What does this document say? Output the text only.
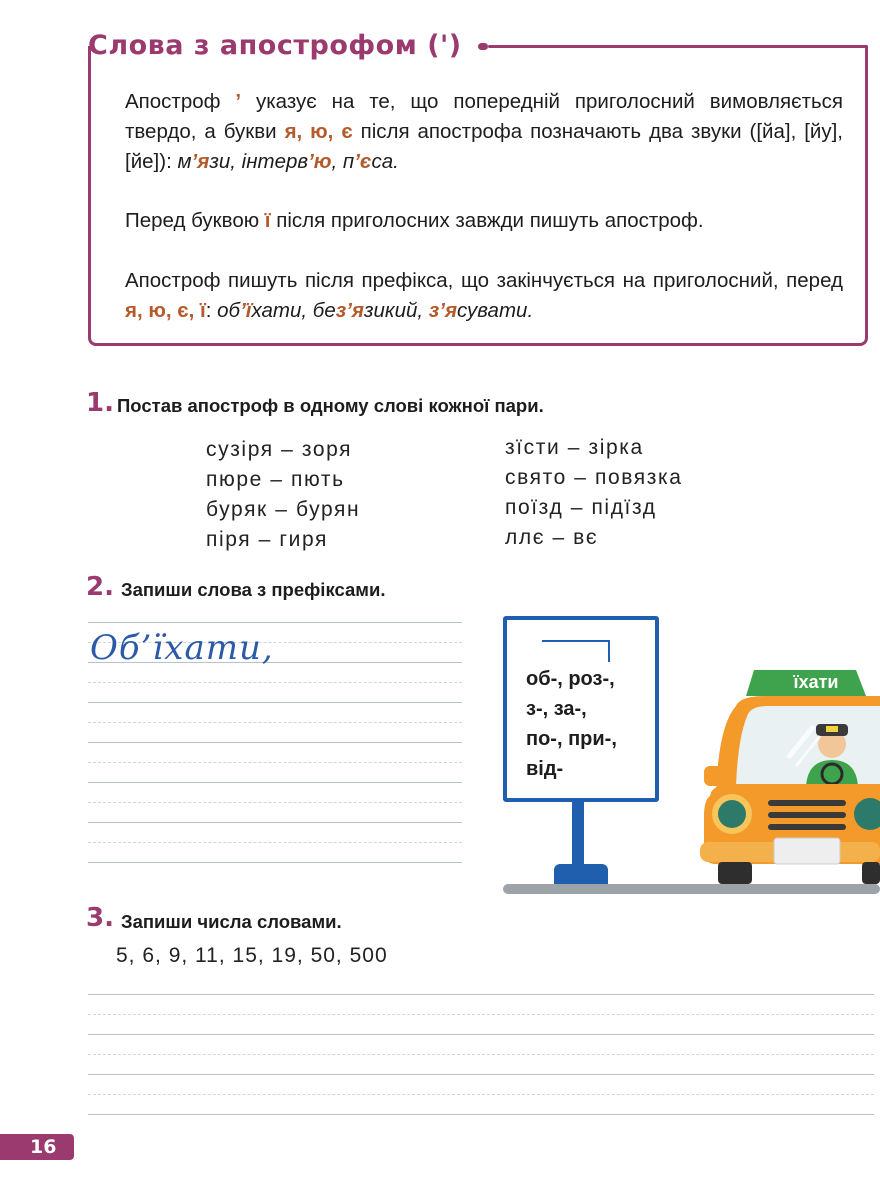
Слова з апострофом (')
Апостроф ’ указує на те, що попередній приголосний вимовляється твердо, а букви я, ю, є після апострофа позначають два звуки ([йа], [йу], [йе]): м’язи, інтерв’ю, п’єса.
Перед буквою ї після приголосних завжди пишуть апостроф.
Апостроф пишуть після префікса, що закінчується на приголосний, перед я, ю, є, ї: об’їхати, без’язикий, з’ясувати.
1. Постав апостроф в одному слові кожної пари.
сузіря – зоря
пюре – пють
буряк – бурян
піря – гиря
зїсти – зірка
свято – повязка
поїзд – підїзд
ллє – вє
2. Запиши слова з префіксами.
Об’їхати,
об-, роз-,
з-, за-,
по-, при-,
від-
їхати
3. Запиши числа словами.
5, 6, 9, 11, 15, 19, 50, 500
16
